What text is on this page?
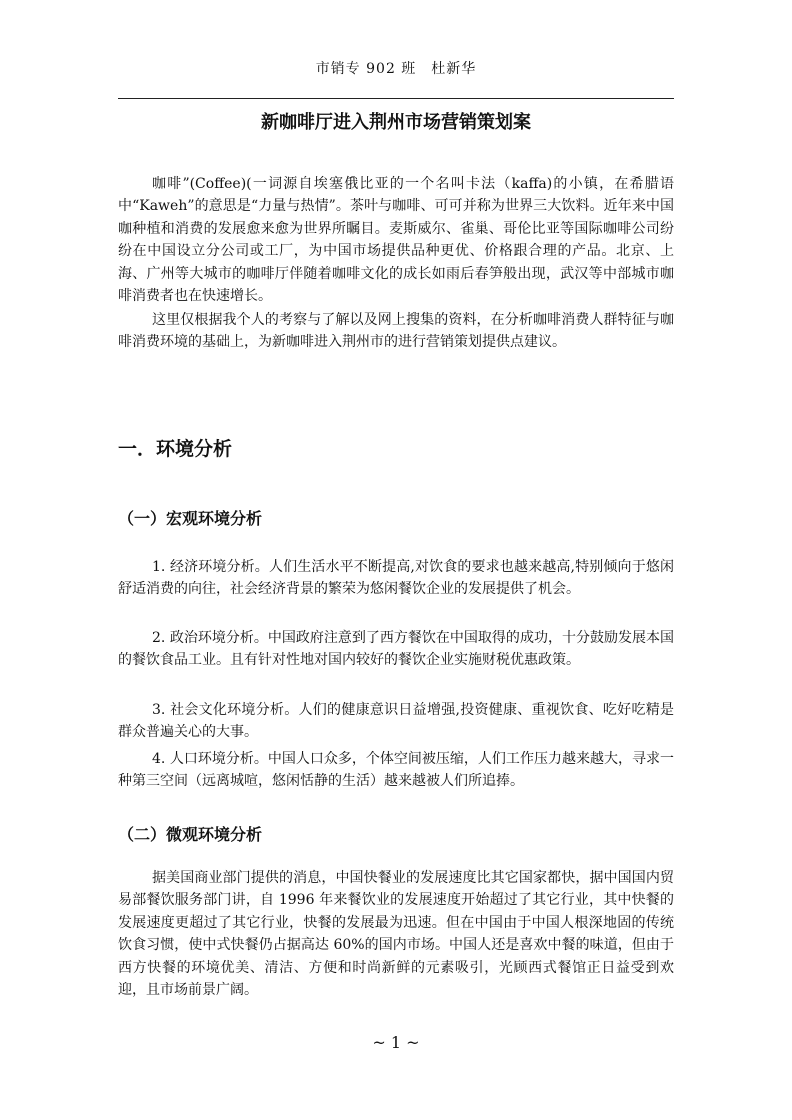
市销专 902 班　杜新华
新咖啡厅进入荆州市场营销策划案

咖啡”(Coffee)(一词源自埃塞俄比亚的一个名叫卡法（kaffa)的小镇，在希腊语中“Kaweh”的意思是“力量与热情”。茶叶与咖啡、可可并称为世界三大饮料。近年来中国咖种植和消费的发展愈来愈为世界所瞩目。麦斯威尔、雀巢、哥伦比亚等国际咖啡公司纷纷在中国设立分公司或工厂，为中国市场提供品种更优、价格跟合理的产品。北京、上海、广州等大城市的咖啡厅伴随着咖啡文化的成长如雨后春笋般出现，武汉等中部城市咖啡消费者也在快速增长。

这里仅根据我个人的考察与了解以及网上搜集的资料，在分析咖啡消费人群特征与咖啡消费环境的基础上，为新咖啡进入荆州市的进行营销策划提供点建议。

一．环境分析
（一）宏观环境分析

1. 经济环境分析。人们生活水平不断提高,对饮食的要求也越来越高,特别倾向于悠闲舒适消费的向往，社会经济背景的繁荣为悠闲餐饮企业的发展提供了机会。

2. 政治环境分析。中国政府注意到了西方餐饮在中国取得的成功，十分鼓励发展本国的餐饮食品工业。且有针对性地对国内较好的餐饮企业实施财税优惠政策。

3. 社会文化环境分析。人们的健康意识日益增强,投资健康、重视饮食、吃好吃精是群众普遍关心的大事。

4. 人口环境分析。中国人口众多，个体空间被压缩，人们工作压力越来越大，寻求一种第三空间（远离城喧，悠闲恬静的生活）越来越被人们所追捧。

（二）微观环境分析

据美国商业部门提供的消息，中国快餐业的发展速度比其它国家都快，据中国国内贸易部餐饮服务部门讲，自 1996 年来餐饮业的发展速度开始超过了其它行业，其中快餐的发展速度更超过了其它行业，快餐的发展最为迅速。但在中国由于中国人根深地固的传统饮食习惯，使中式快餐仍占据高达 60%的国内市场。中国人还是喜欢中餐的味道，但由于西方快餐的环境优美、清洁、方便和时尚新鲜的元素吸引，光顾西式餐馆正日益受到欢迎，且市场前景广阔。

~ 1 ~
